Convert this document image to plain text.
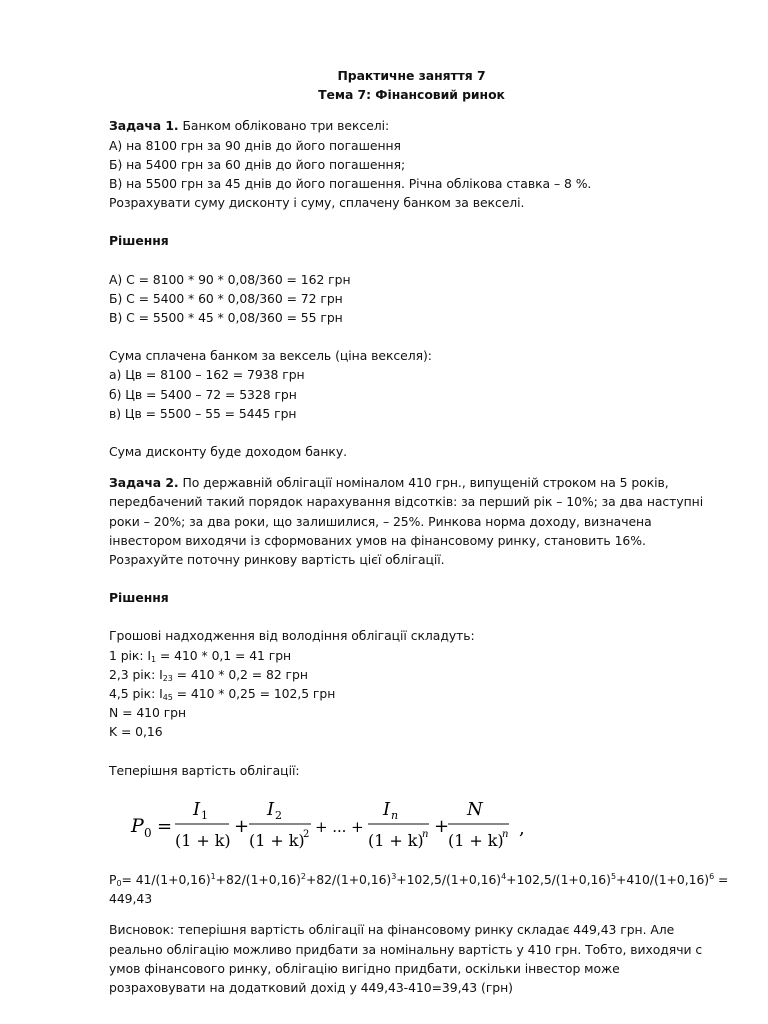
Практичне заняття 7
Тема 7: Фінансовий ринок
Задача 1. Банком обліковано три векселі:
А) на 8100 грн за 90 днів до його погашення
Б) на 5400 грн за 60 днів до його погашення;
В) на 5500 грн за 45 днів до його погашення. Річна облікова ставка – 8 %.
Розрахувати суму дисконту і суму, сплачену банком за векселі.
Рішення
А) С = 8100 * 90 * 0,08/360 = 162 грн
Б) С = 5400 * 60 * 0,08/360 = 72 грн
В) С = 5500 * 45 * 0,08/360 = 55 грн
Сума сплачена банком за вексель (ціна векселя):
а) Цв = 8100 – 162 = 7938 грн
б) Цв = 5400 – 72 = 5328 грн
в) Цв = 5500 – 55 = 5445 грн
Сума дисконту буде доходом банку.
Задача 2. По державній облігації номіналом 410 грн., випущеній строком на 5 років, передбачений такий порядок нарахування відсотків: за перший рік – 10%; за два наступні роки – 20%; за два роки, що залишилися, – 25%. Ринкова норма доходу, визначена інвестором виходячи із сформованих умов на фінансовому ринку, становить 16%. Розрахуйте поточну ринкову вартість цієї облігації.
Рішення
Грошові надходження від володіння облігації складуть:
1 рік: $I_1 = 410 * 0,1 = 41$ грн
2,3 рік: $I_{23} = 410 * 0,2 = 82$ грн
4,5 рік: $I_{45} = 410 * 0,25 = 102,5$ грн
N = 410 грн
K = 0,16
Теперішня вартість облігації:
P 0 =
I 1
(1 + k)
+
I 2
(1 + k)
2 + ... +
I n
(1 + k)
n +
N
(1 + k)
n ,
$P_0= 41/(1+0,16)^1+82/(1+0,16)^2+82/(1+0,16)^3+102,5/(1+0,16)^4+102,5/(1+0,16)^5+410/(1+0,16)^6$ =
449,43
Висновок: теперішня вартість облігації на фінансовому ринку складає 449,43 грн. Але реально облігацію можливо придбати за номінальну вартість у 410 грн. Тобто, виходячи с умов фінансового ринку, облігацію вигідно придбати, оскільки інвестор може розраховувати на додатковий дохід у 449,43-410=39,43 (грн)
